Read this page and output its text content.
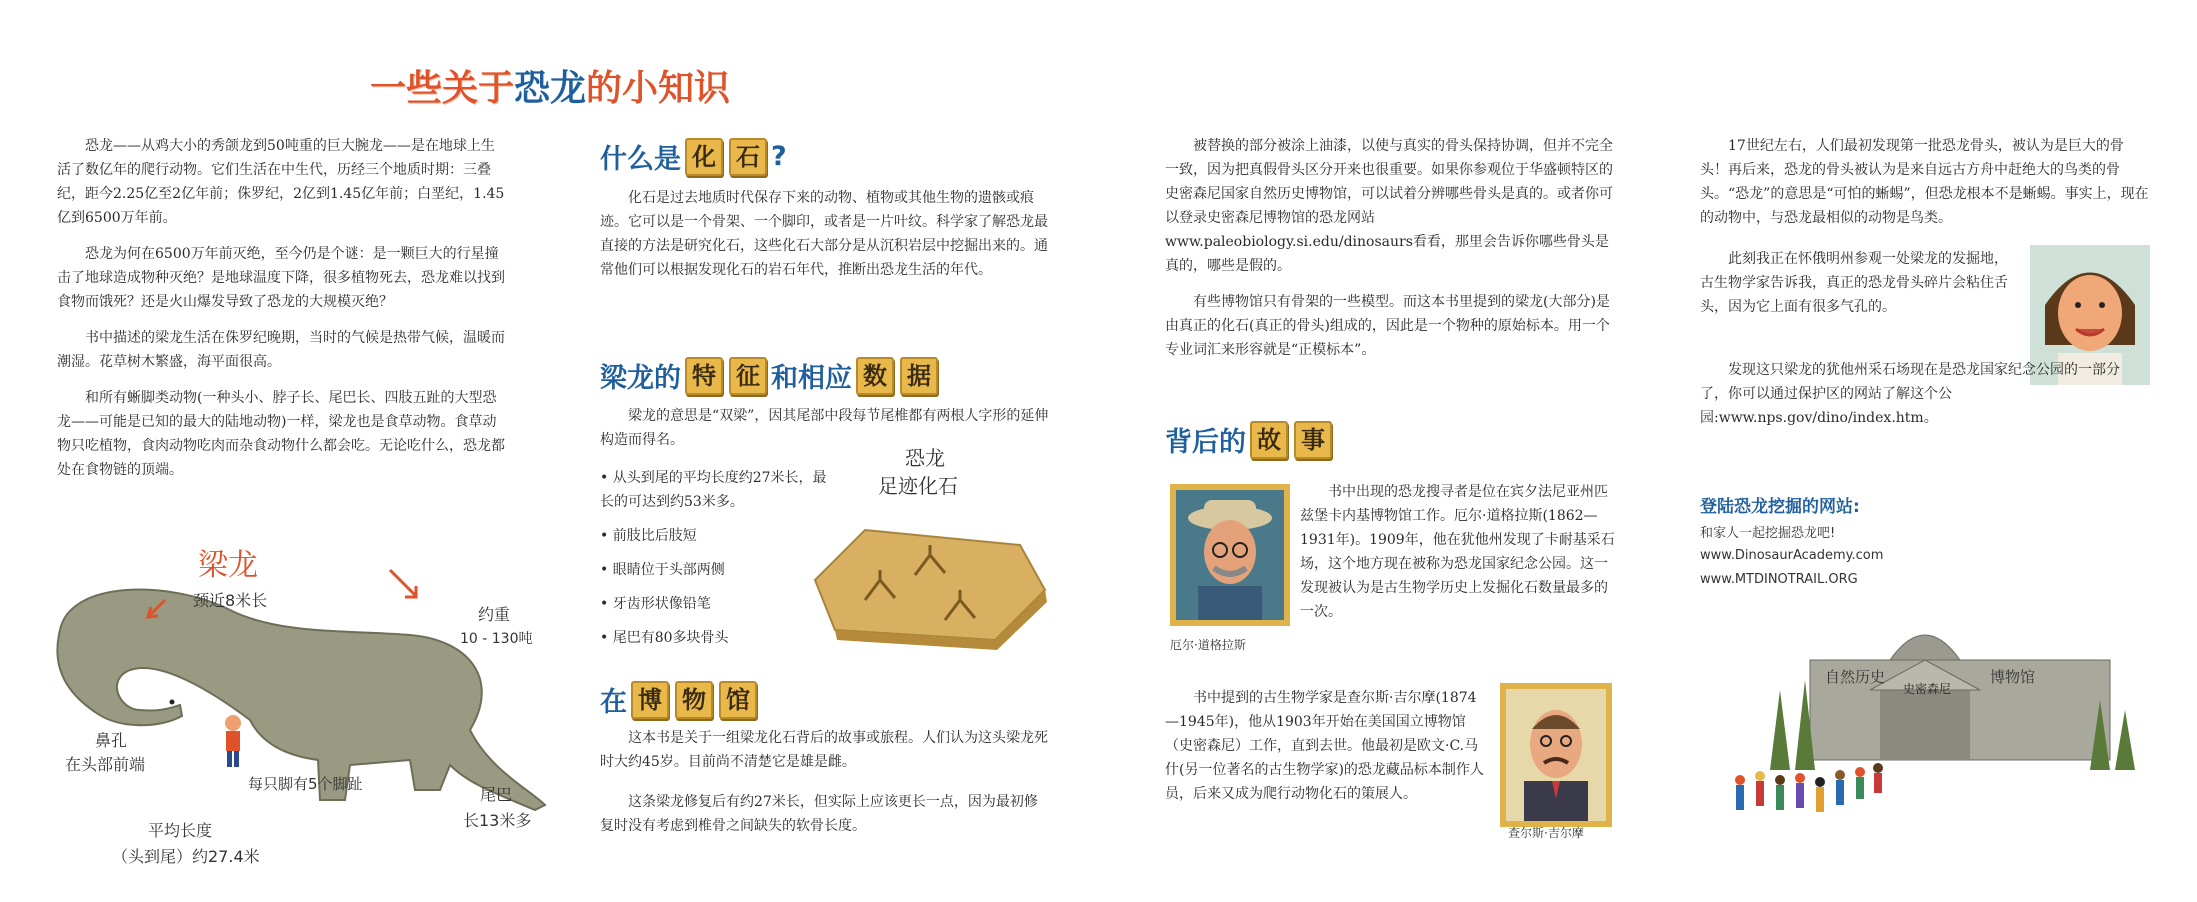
一些关于恐龙的小知识

恐龙——从鸡大小的秀颌龙到50吨重的巨大腕龙——是在地球上生活了数亿年的爬行动物。它们生活在中生代，历经三个地质时期：三叠纪，距今2.25亿至2亿年前；侏罗纪，2亿到1.45亿年前；白垩纪，1.45亿到6500万年前。

恐龙为何在6500万年前灭绝，至今仍是个谜：是一颗巨大的行星撞击了地球造成物种灭绝？是地球温度下降，很多植物死去，恐龙难以找到食物而饿死？还是火山爆发导致了恐龙的大规模灭绝？

书中描述的梁龙生活在侏罗纪晚期，当时的气候是热带气候，温暖而潮湿。花草树木繁盛，海平面很高。

和所有蜥脚类动物(一种头小、脖子长、尾巴长、四肢五趾的大型恐龙——可能是已知的最大的陆地动物)一样，梁龙也是食草动物。食草动物只吃植物，食肉动物吃肉而杂食动物什么都会吃。无论吃什么，恐龙都处在食物链的顶端。

梁龙
颈近8米长
约重
10 - 130吨
鼻孔
在头部前端
每只脚有5个脚趾
尾巴
长13米多
平均长度
（头到尾）约27.4米
什么是 化 石 ?

化石是过去地质时代保存下来的动物、植物或其他生物的遗骸或痕迹。它可以是一个骨架、一个脚印，或者是一片叶纹。科学家了解恐龙最直接的方法是研究化石，这些化石大部分是从沉积岩层中挖掘出来的。通常他们可以根据发现化石的岩石年代，推断出恐龙生活的年代。

梁龙的 特 征 和相应 数 据

梁龙的意思是“双梁”，因其尾部中段每节尾椎都有两根人字形的延伸构造而得名。

• 从头到尾的平均长度约27米长，最长的可达到约53米多。
• 前肢比后肢短
• 眼睛位于头部两侧
• 牙齿形状像铅笔
• 尾巴有80多块骨头
恐龙
足迹化石
在 博 物 馆

这本书是关于一组梁龙化石背后的故事或旅程。人们认为这头梁龙死时大约45岁。目前尚不清楚它是雄是雌。

这条梁龙修复后有约27米长，但实际上应该更长一点，因为最初修复时没有考虑到椎骨之间缺失的软骨长度。

被替换的部分被涂上油漆，以使与真实的骨头保持协调，但并不完全一致，因为把真假骨头区分开来也很重要。如果你参观位于华盛顿特区的史密森尼国家自然历史博物馆，可以试着分辨哪些骨头是真的。或者你可以登录史密森尼博物馆的恐龙网站www.paleobiology.si.edu/dinosaurs看看，那里会告诉你哪些骨头是真的，哪些是假的。

有些博物馆只有骨架的一些模型。而这本书里提到的梁龙(大部分)是由真正的化石(真正的骨头)组成的，因此是一个物种的原始标本。用一个专业词汇来形容就是“正模标本”。

背后的 故 事
厄尔·道格拉斯

书中出现的恐龙搜寻者是位在宾夕法尼亚州匹兹堡卡内基博物馆工作。厄尔·道格拉斯(1862—1931年)。1909年，他在犹他州发现了卡耐基采石场，这个地方现在被称为恐龙国家纪念公园。这一发现被认为是古生物学历史上发掘化石数量最多的一次。

书中提到的古生物学家是查尔斯·吉尔摩(1874—1945年)，他从1903年开始在美国国立博物馆（史密森尼）工作，直到去世。他最初是欧文·C.马什(另一位著名的古生物学家)的恐龙藏品标本制作人员，后来又成为爬行动物化石的策展人。

查尔斯·吉尔摩

17世纪左右，人们最初发现第一批恐龙骨头，被认为是巨大的骨头！再后来，恐龙的骨头被认为是来自远古方舟中赶绝大的鸟类的骨头。“恐龙”的意思是“可怕的蜥蜴”，但恐龙根本不是蜥蜴。事实上，现在的动物中，与恐龙最相似的动物是鸟类。

此刻我正在怀俄明州参观一处梁龙的发掘地，古生物学家告诉我，真正的恐龙骨头碎片会粘住舌头，因为它上面有很多气孔的。

发现这只梁龙的犹他州采石场现在是恐龙国家纪念公园的一部分了，你可以通过保护区的网站了解这个公园:www.nps.gov/dino/index.htm。

登陆恐龙挖掘的网站:
和家人一起挖掘恐龙吧!
www.DinosaurAcademy.com
www.MTDINOTRAIL.ORG
自然历史
史密森尼
博物馆
